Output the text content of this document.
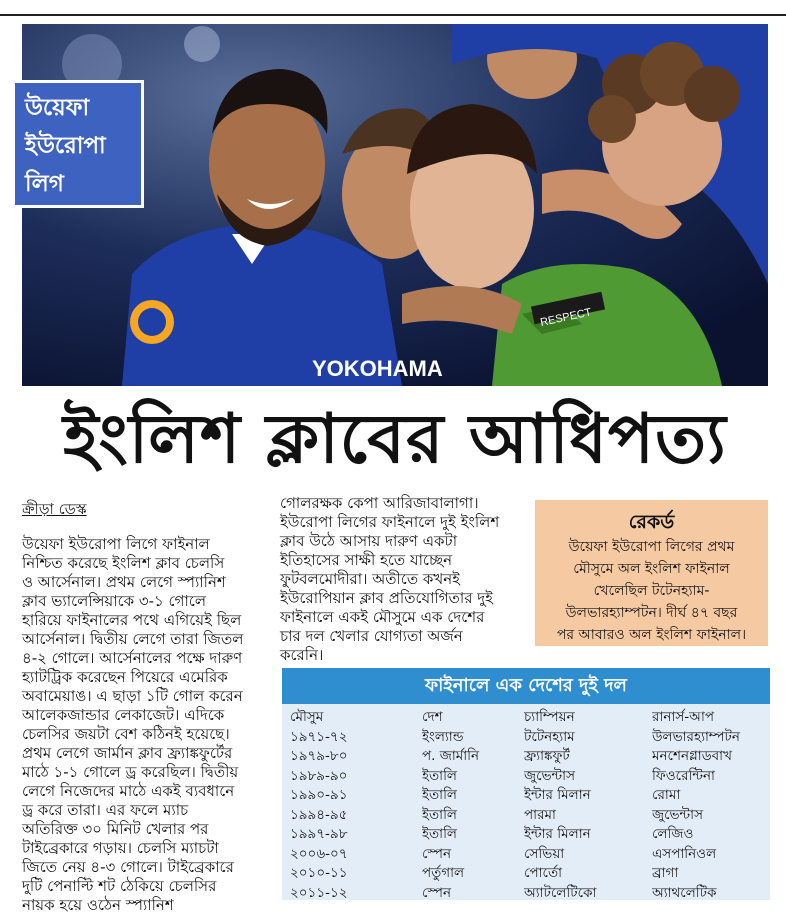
YOKOHAMA
RESPECT
উয়েফা
ইউরোপা
লিগ
ইংলিশ ক্লাবের আধিপত্য
ক্রীড়া ডেস্ক
উয়েফা ইউরোপা লিগে ফাইনাল
নিশ্চিত করেছে ইংলিশ ক্লাব চেলসি
ও আর্সেনাল। প্রথম লেগে স্প্যানিশ
ক্লাব ভ্যালেন্সিয়াকে ৩-১ গোলে
হারিয়ে ফাইনালের পথে এগিয়েই ছিল
আর্সেনাল। দ্বিতীয় লেগে তারা জিতল
৪-২ গোলে। আর্সেনালের পক্ষে দারুণ
হ্যাটট্রিক করেছেন পিয়েরে এমেরিক
অবামেয়াঙ। এ ছাড়া ১টি গোল করেন
আলেকজান্ডার লেকাজেট। এদিকে
চেলসির জয়টা বেশ কঠিনই হয়েছে।
প্রথম লেগে জার্মান ক্লাব ফ্র্যাঙ্কফুর্টের
মাঠে ১-১ গোলে ড্র করেছিল। দ্বিতীয়
লেগে নিজেদের মাঠে একই ব্যবধানে
ড্র করে তারা। এর ফলে ম্যাচ
অতিরিক্ত ৩০ মিনিট খেলার পর
টাইব্রেকারে গড়ায়। চেলসি ম্যাচটা
জিতে নেয় ৪-৩ গোলে। টাইব্রেকারে
দুটি পেনাল্টি শট ঠেকিয়ে চেলসির
নায়ক হয়ে ওঠেন স্প্যানিশ
গোলরক্ষক কেপা আরিজাবালাগা।
ইউরোপা লিগের ফাইনালে দুই ইংলিশ
ক্লাব উঠে আসায় দারুণ একটা
ইতিহাসের সাক্ষী হতে যাচ্ছেন
ফুটবলমোদীরা। অতীতে কখনই
ইউরোপিয়ান ক্লাব প্রতিযোগিতার দুই
ফাইনালে একই মৌসুমে এক দেশের
চার দল খেলার যোগ্যতা অর্জন
করেনি।
রেকর্ড
উয়েফা ইউরোপা লিগের প্রথম
মৌসুমে অল ইংলিশ ফাইনাল
খেলেছিল টটেনহ্যাম-
উলভারহ্যাম্পটন। দীর্ঘ ৪৭ বছর
পর আবারও অল ইংলিশ ফাইনাল।
ফাইনালে এক দেশের দুই দল
মৌসুম	দেশ	চ্যাম্পিয়ন	রানার্স-আপ
১৯৭১-৭২	ইংল্যান্ড	টটেনহ্যাম	উলভারহ্যাম্পটন
১৯৭৯-৮০	প. জার্মানি	ফ্র্যাঙ্কফুর্ট	মনশেনগ্লাডবাখ
১৯৮৯-৯০	ইতালি	জুভেন্টাস	ফিওরেন্টিনা
১৯৯০-৯১	ইতালি	ইন্টার মিলান	রোমা
১৯৯৪-৯৫	ইতালি	পারমা	জুভেন্টাস
১৯৯৭-৯৮	ইতালি	ইন্টার মিলান	লেজিও
২০০৬-০৭	স্পেন	সেভিয়া	এসপানিওল
২০১০-১১	পর্তুগাল	পোর্তো	ব্রাগা
২০১১-১২	স্পেন	অ্যাটলেটিকো	অ্যাথলেটিক
